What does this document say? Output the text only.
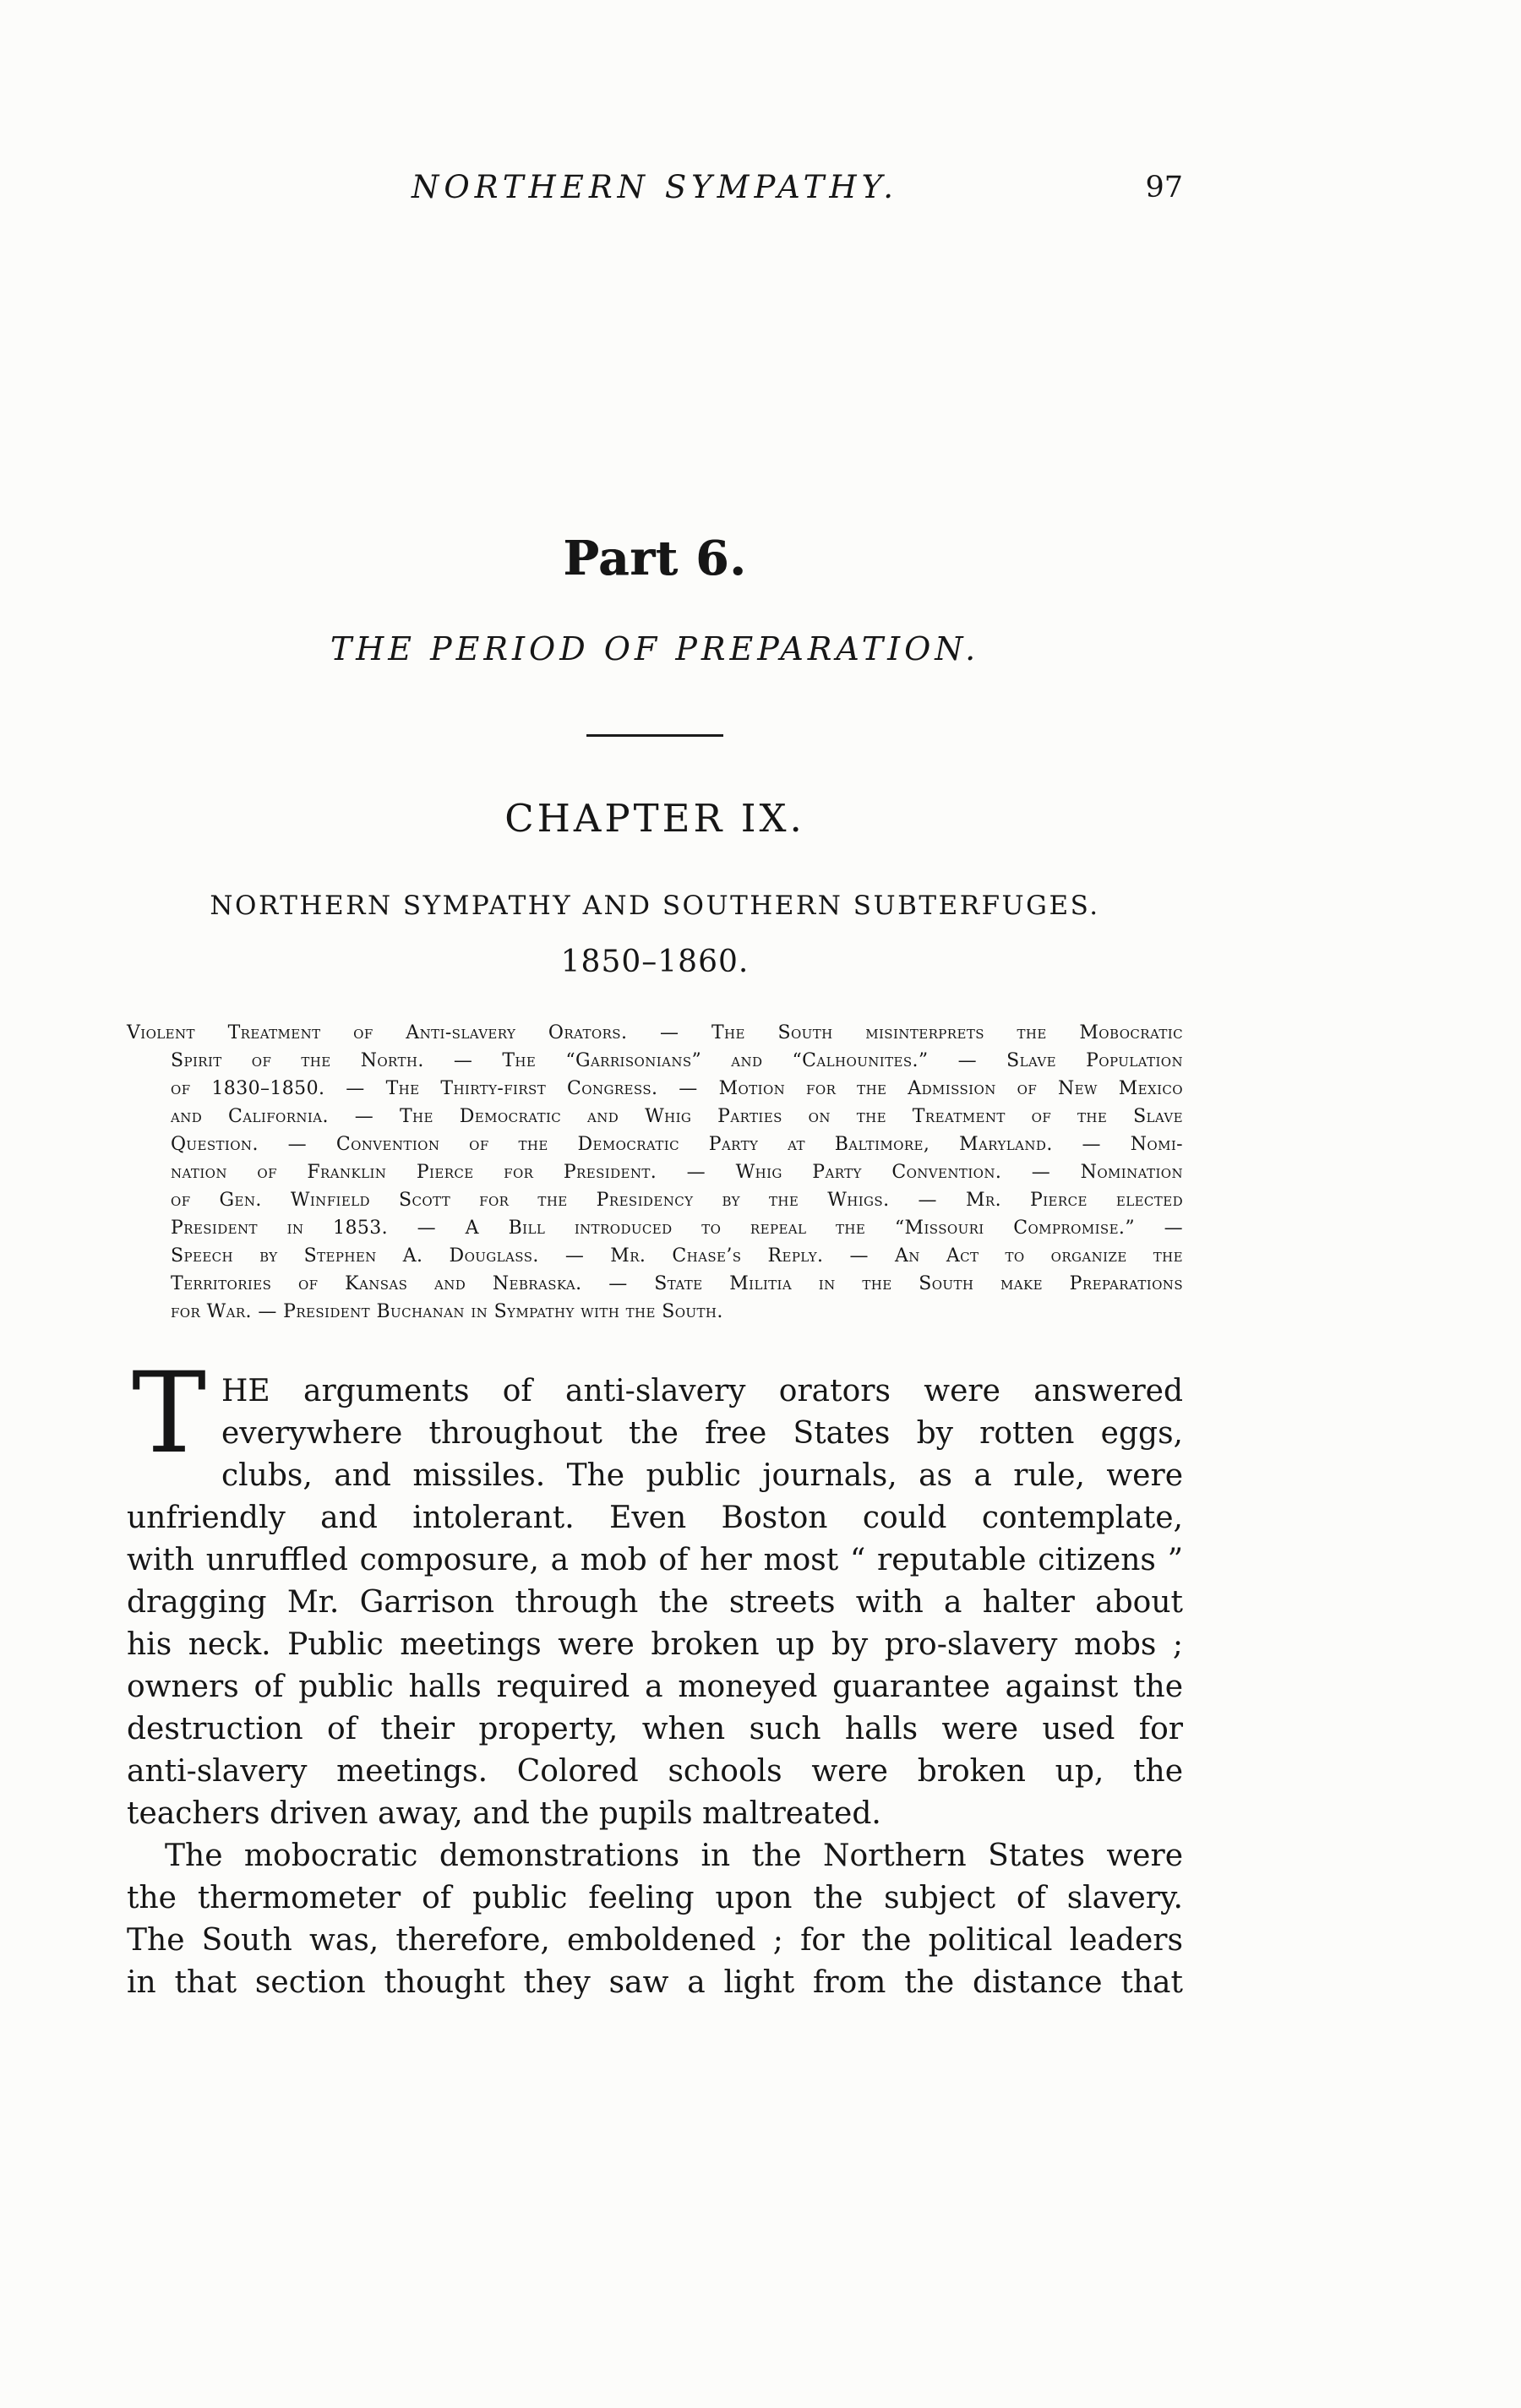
NORTHERN SYMPATHY.	97
Part 6.
THE PERIOD OF PREPARATION.
CHAPTER IX.
NORTHERN SYMPATHY AND SOUTHERN SUBTERFUGES.
1850–1860.
Violent Treatment of Anti-slavery Orators. — The South misinterprets the Mobocratic
Spirit of the North. — The “Garrisonians” and “Calhounites.” — Slave Population
of 1830–1850. — The Thirty-first Congress. — Motion for the Admission of New Mexico
and California. — The Democratic and Whig Parties on the Treatment of the Slave
Question. — Convention of the Democratic Party at Baltimore, Maryland. — Nomi-
nation of Franklin Pierce for President. — Whig Party Convention. — Nomination
of Gen. Winfield Scott for the Presidency by the Whigs. — Mr. Pierce elected
President in 1853. — A Bill introduced to repeal the “Missouri Compromise.” —
Speech by Stephen A. Douglass. — Mr. Chase’s Reply. — An Act to organize the
Territories of Kansas and Nebraska. — State Militia in the South make Preparations
for War. — President Buchanan in Sympathy with the South.
T HE arguments of anti-slavery orators were answered
everywhere throughout the free States by rotten eggs,
clubs, and missiles. The public journals, as a rule, were
unfriendly and intolerant. Even Boston could contemplate,
with unruffled composure, a mob of her most “ reputable citizens ”
dragging Mr. Garrison through the streets with a halter about
his neck. Public meetings were broken up by pro-slavery mobs ;
owners of public halls required a moneyed guarantee against the
destruction of their property, when such halls were used for
anti-slavery meetings. Colored schools were broken up, the
teachers driven away, and the pupils maltreated.
The mobocratic demonstrations in the Northern States were
the thermometer of public feeling upon the subject of slavery.
The South was, therefore, emboldened ; for the political leaders
in that section thought they saw a light from the distance that
